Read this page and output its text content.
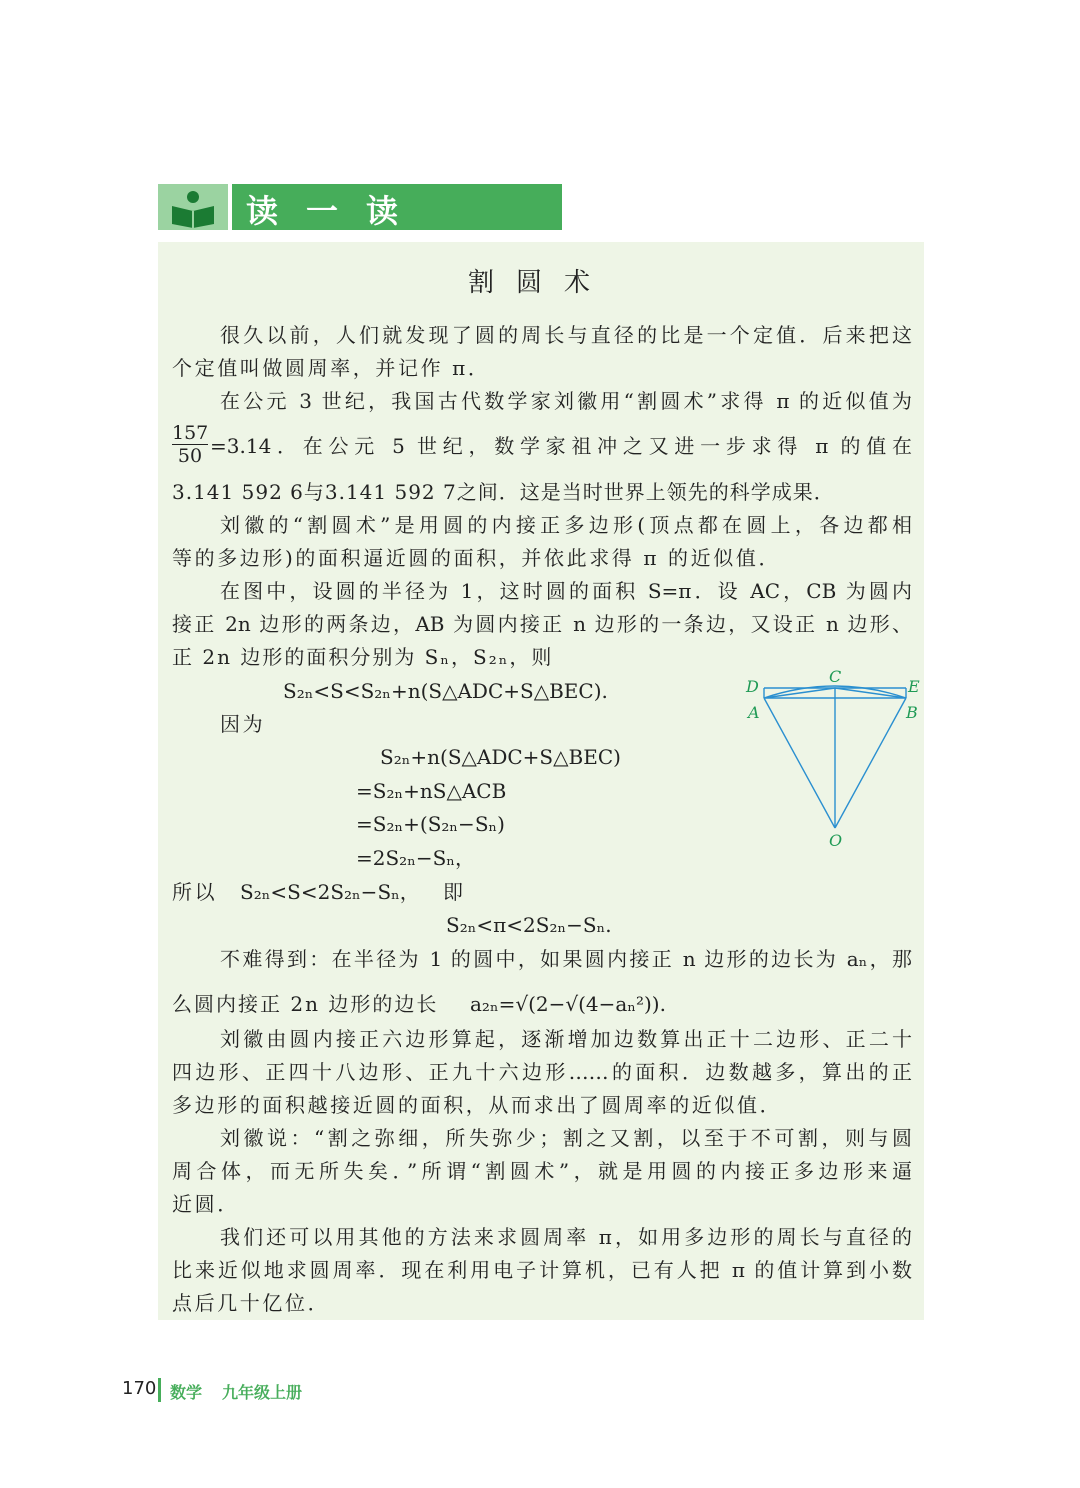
读 一 读
割圆术
很久以前，人们就发现了圆的周长与直径的比是一个定值．后来把这
个定值叫做圆周率，并记作 π．
在公元 3 世纪，我国古代数学家刘徽用“割圆术”求得 π 的近似值为
$\frac{157}{50} =3.14$．在公元 5 世纪，数学家祖冲之又进一步求得 π 的值在
3.141 592 6与3.141 592 7之间．这是当时世界上领先的科学成果．
刘徽的“割圆术”是用圆的内接正多边形(顶点都在圆上，各边都相
等的多边形)的面积逼近圆的面积，并依此求得 π 的近似值．
在图中，设圆的半径为 1，这时圆的面积 S=π．设 AC，CB 为圆内
接正 2n 边形的两条边，AB 为圆内接正 n 边形的一条边，又设正 n 边形、
正 2n 边形的面积分别为 Sₙ，S₂ₙ，则
S₂ₙ<S<S₂ₙ+n(S△ADC+S△BEC).
因为
S₂ₙ+n(S△ADC+S△BEC)
=S₂ₙ+nS△ACB
=S₂ₙ+(S₂ₙ−Sₙ)
=2S₂ₙ−Sₙ，
所以	S₂ₙ<S<2S₂ₙ−Sₙ， 即
S₂ₙ<π<2S₂ₙ−Sₙ.
不难得到：在半径为 1 的圆中，如果圆内接正 n 边形的边长为 aₙ，那
么圆内接正 2n 边形的边长	a₂ₙ=√(2−√(4−aₙ²)).
刘徽由圆内接正六边形算起，逐渐增加边数算出正十二边形、正二十
四边形、正四十八边形、正九十六边形……的面积．边数越多，算出的正
多边形的面积越接近圆的面积，从而求出了圆周率的近似值．
刘徽说：“割之弥细，所失弥少；割之又割，以至于不可割，则与圆
周合体，而无所失矣．”所谓“割圆术”，就是用圆的内接正多边形来逼
近圆．
我们还可以用其他的方法来求圆周率 π，如用多边形的周长与直径的
比来近似地求圆周率．现在利用电子计算机，已有人把 π 的值计算到小数
点后几十亿位．
D
C
E
A	B
O
170 数学 九年级上册
